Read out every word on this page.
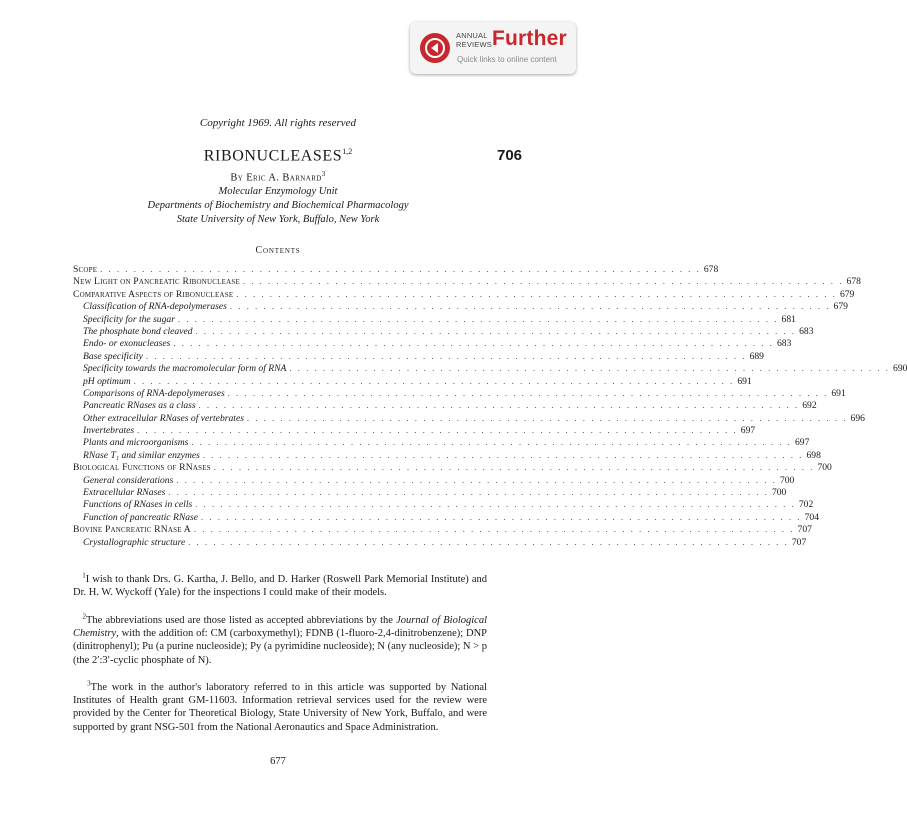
ANNUAL
REVIEWS Further
Quick links to online content
Copyright 1969. All rights reserved
706
RIBONUCLEASES$^{1,2}$
By Eric A. Barnard$^3$
Molecular Enzymology Unit
Departments of Biochemistry and Biochemical Pharmacology
State University of New York, Buffalo, New York
Contents
Scope . . . . . . . . . . . . . . . . . . . . . . . . . . . . . . . . . . . . . . . . . . . . . . . . . . . . . . . . . . . . . . . . . . . . . . . . 678
New Light on Pancreatic Ribonuclease . . . . . . . . . . . . . . . . . . . . . . . . . . . . . . . . . . . . . . . . . . . . . . . . . . . . . . . . . . . . . . . . . . . . . . . . 678
Comparative Aspects of Ribonuclease . . . . . . . . . . . . . . . . . . . . . . . . . . . . . . . . . . . . . . . . . . . . . . . . . . . . . . . . . . . . . . . . . . . . . . . . 679
Classification of RNA-depolymerases . . . . . . . . . . . . . . . . . . . . . . . . . . . . . . . . . . . . . . . . . . . . . . . . . . . . . . . . . . . . . . . . . . . . . . . . 679
Specificity for the sugar . . . . . . . . . . . . . . . . . . . . . . . . . . . . . . . . . . . . . . . . . . . . . . . . . . . . . . . . . . . . . . . . . . . . . . . . 681
The phosphate bond cleaved . . . . . . . . . . . . . . . . . . . . . . . . . . . . . . . . . . . . . . . . . . . . . . . . . . . . . . . . . . . . . . . . . . . . . . . . 683
Endo- or exonucleases . . . . . . . . . . . . . . . . . . . . . . . . . . . . . . . . . . . . . . . . . . . . . . . . . . . . . . . . . . . . . . . . . . . . . . . . 683
Base specificity . . . . . . . . . . . . . . . . . . . . . . . . . . . . . . . . . . . . . . . . . . . . . . . . . . . . . . . . . . . . . . . . . . . . . . . . 689
Specificity towards the macromolecular form of RNA . . . . . . . . . . . . . . . . . . . . . . . . . . . . . . . . . . . . . . . . . . . . . . . . . . . . . . . . . . . . . . . . . . . . . . . . 690
pH optimum . . . . . . . . . . . . . . . . . . . . . . . . . . . . . . . . . . . . . . . . . . . . . . . . . . . . . . . . . . . . . . . . . . . . . . . . 691
Comparisons of RNA-depolymerases . . . . . . . . . . . . . . . . . . . . . . . . . . . . . . . . . . . . . . . . . . . . . . . . . . . . . . . . . . . . . . . . . . . . . . . . 691
Pancreatic RNases as a class . . . . . . . . . . . . . . . . . . . . . . . . . . . . . . . . . . . . . . . . . . . . . . . . . . . . . . . . . . . . . . . . . . . . . . . . 692
Other extracellular RNases of vertebrates . . . . . . . . . . . . . . . . . . . . . . . . . . . . . . . . . . . . . . . . . . . . . . . . . . . . . . . . . . . . . . . . . . . . . . . . 696
Invertebrates . . . . . . . . . . . . . . . . . . . . . . . . . . . . . . . . . . . . . . . . . . . . . . . . . . . . . . . . . . . . . . . . . . . . . . . . 697
Plants and microorganisms . . . . . . . . . . . . . . . . . . . . . . . . . . . . . . . . . . . . . . . . . . . . . . . . . . . . . . . . . . . . . . . . . . . . . . . . 697
RNase T₁ and similar enzymes . . . . . . . . . . . . . . . . . . . . . . . . . . . . . . . . . . . . . . . . . . . . . . . . . . . . . . . . . . . . . . . . . . . . . . . . 698
Biological Functions of RNases . . . . . . . . . . . . . . . . . . . . . . . . . . . . . . . . . . . . . . . . . . . . . . . . . . . . . . . . . . . . . . . . . . . . . . . . 700
General considerations . . . . . . . . . . . . . . . . . . . . . . . . . . . . . . . . . . . . . . . . . . . . . . . . . . . . . . . . . . . . . . . . . . . . . . . . 700
Extracellular RNases . . . . . . . . . . . . . . . . . . . . . . . . . . . . . . . . . . . . . . . . . . . . . . . . . . . . . . . . . . . . . . . . . . . . . . . . 700
Functions of RNases in cells . . . . . . . . . . . . . . . . . . . . . . . . . . . . . . . . . . . . . . . . . . . . . . . . . . . . . . . . . . . . . . . . . . . . . . . . 702
Function of pancreatic RNase . . . . . . . . . . . . . . . . . . . . . . . . . . . . . . . . . . . . . . . . . . . . . . . . . . . . . . . . . . . . . . . . . . . . . . . . 704
Bovine Pancreatic RNase A . . . . . . . . . . . . . . . . . . . . . . . . . . . . . . . . . . . . . . . . . . . . . . . . . . . . . . . . . . . . . . . . . . . . . . . . 707
Crystallographic structure . . . . . . . . . . . . . . . . . . . . . . . . . . . . . . . . . . . . . . . . . . . . . . . . . . . . . . . . . . . . . . . . . . . . . . . . 707
$^1$I wish to thank Drs. G. Kartha, J. Bello, and D. Harker (Roswell Park Memorial Institute) and Dr. H. W. Wyckoff (Yale) for the inspections I could make of their models.
$^2$The abbreviations used are those listed as accepted abbreviations by the Journal of Biological Chemistry, with the addition of: CM (carboxymethyl); FDNB (1-fluoro-2,4-dinitrobenzene); DNP (dinitrophenyl); Pu (a purine nucleoside); Py (a pyrimidine nucleoside); N (any nucleoside); N > p (the 2′:3′-cyclic phosphate of N).
$^3$The work in the author's laboratory referred to in this article was supported by National Institutes of Health grant GM-11603. Information retrieval services used for the review were provided by the Center for Theoretical Biology, State University of New York, Buffalo, and were supported by grant NSG-501 from the National Aeronautics and Space Administration.
677
